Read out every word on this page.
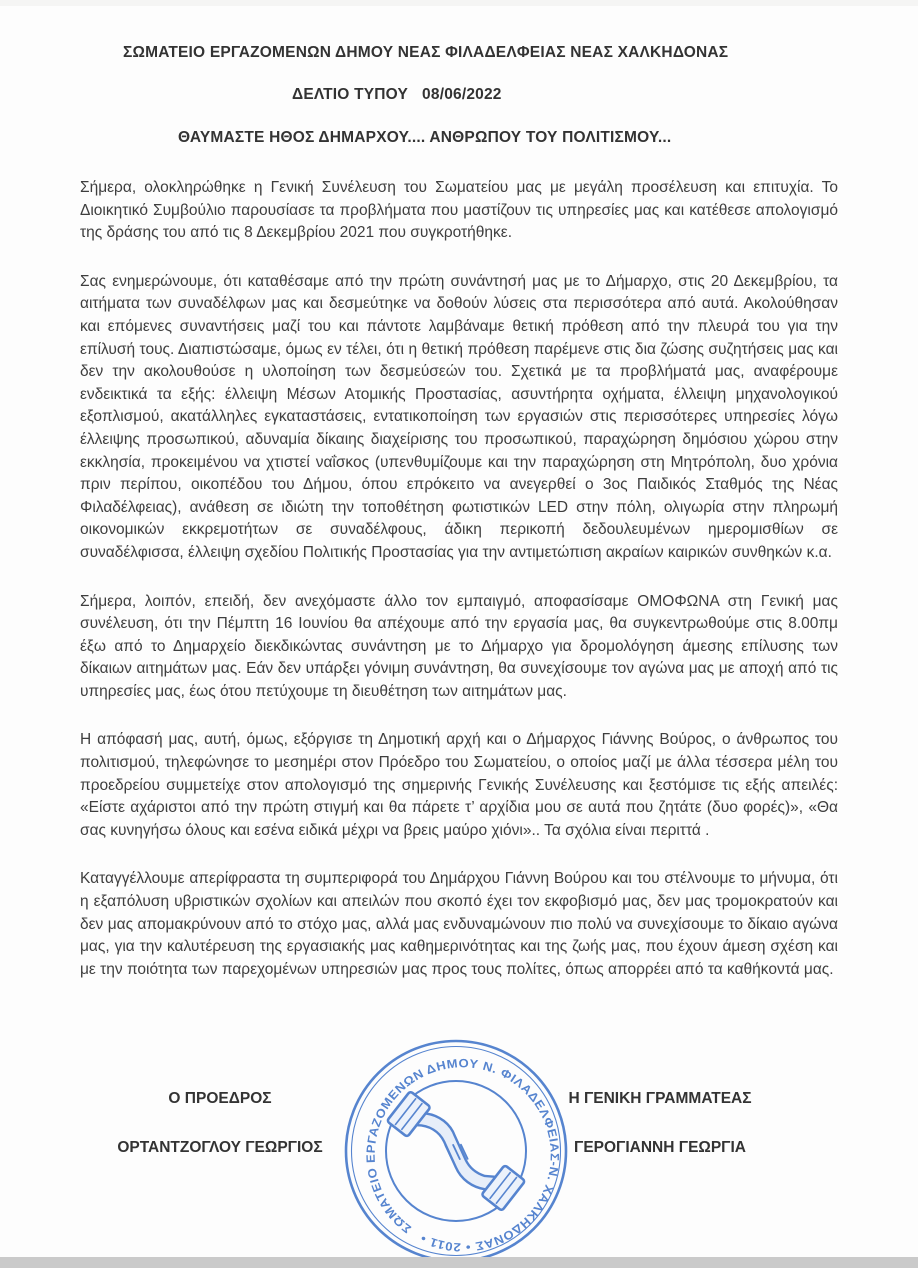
ΣΩΜΑΤΕΙΟ ΕΡΓΑΖΟΜΕΝΩΝ ΔΗΜΟΥ ΝΕΑΣ ΦΙΛΑΔΕΛΦΕΙΑΣ ΝΕΑΣ ΧΑΛΚΗΔΟΝΑΣ
ΔΕΛΤΙΟ ΤΥΠΟΥ 08/06/2022
ΘΑΥΜΑΣΤΕ ΗΘΟΣ ΔΗΜΑΡΧΟΥ.... ΑΝΘΡΩΠΟΥ ΤΟΥ ΠΟΛΙΤΙΣΜΟΥ...

Σήμερα, ολοκληρώθηκε η Γενική Συνέλευση του Σωματείου μας με μεγάλη προσέλευση και επιτυχία. Το Διοικητικό Συμβούλιο παρουσίασε τα προβλήματα που μαστίζουν τις υπηρεσίες μας και κατέθεσε απολογισμό της δράσης του από τις 8 Δεκεμβρίου 2021 που συγκροτήθηκε.

Σας ενημερώνουμε, ότι καταθέσαμε από την πρώτη συνάντησή μας με το Δήμαρχο, στις 20 Δεκεμβρίου, τα αιτήματα των συναδέλφων μας και δεσμεύτηκε να δοθούν λύσεις στα περισσότερα από αυτά. Ακολούθησαν και επόμενες συναντήσεις μαζί του και πάντοτε λαμβάναμε θετική πρόθεση από την πλευρά του για την επίλυσή τους. Διαπιστώσαμε, όμως εν τέλει, ότι η θετική πρόθεση παρέμενε στις δια ζώσης συζητήσεις μας και δεν την ακολουθούσε η υλοποίηση των δεσμεύσεών του. Σχετικά με τα προβλήματά μας, αναφέρουμε ενδεικτικά τα εξής: έλλειψη Μέσων Ατομικής Προστασίας, ασυντήρητα οχήματα, έλλειψη μηχανολογικού εξοπλισμού, ακατάλληλες εγκαταστάσεις, εντατικοποίηση των εργασιών στις περισσότερες υπηρεσίες λόγω έλλειψης προσωπικού, αδυναμία δίκαιης διαχείρισης του προσωπικού, παραχώρηση δημόσιου χώρου στην εκκλησία, προκειμένου να χτιστεί ναΐσκος (υπενθυμίζουμε και την παραχώρηση στη Μητρόπολη, δυο χρόνια πριν περίπου, οικοπέδου του Δήμου, όπου επρόκειτο να ανεγερθεί ο 3ος Παιδικός Σταθμός της Νέας Φιλαδέλφειας), ανάθεση σε ιδιώτη την τοποθέτηση φωτιστικών LED στην πόλη, ολιγωρία στην πληρωμή οικονομικών εκκρεμοτήτων σε συναδέλφους, άδικη περικοπή δεδουλευμένων ημερομισθίων σε συναδέλφισσα, έλλειψη σχεδίου Πολιτικής Προστασίας για την αντιμετώπιση ακραίων καιρικών συνθηκών κ.α.

Σήμερα, λοιπόν, επειδή, δεν ανεχόμαστε άλλο τον εμπαιγμό, αποφασίσαμε ΟΜΟΦΩΝΑ στη Γενική μας συνέλευση, ότι την Πέμπτη 16 Ιουνίου θα απέχουμε από την εργασία μας, θα συγκεντρωθούμε στις 8.00πμ έξω από το Δημαρχείο διεκδικώντας συνάντηση με το Δήμαρχο για δρομολόγηση άμεσης επίλυσης των δίκαιων αιτημάτων μας. Εάν δεν υπάρξει γόνιμη συνάντηση, θα συνεχίσουμε τον αγώνα μας με αποχή από τις υπηρεσίες μας, έως ότου πετύχουμε τη διευθέτηση των αιτημάτων μας.

Η απόφασή μας, αυτή, όμως, εξόργισε τη Δημοτική αρχή και ο Δήμαρχος Γιάννης Βούρος, ο άνθρωπος του πολιτισμού, τηλεφώνησε το μεσημέρι στον Πρόεδρο του Σωματείου, ο οποίος μαζί με άλλα τέσσερα μέλη του προεδρείου συμμετείχε στον απολογισμό της σημερινής Γενικής Συνέλευσης και ξεστόμισε τις εξής απειλές: «Είστε αχάριστοι από την πρώτη στιγμή και θα πάρετε τ’ αρχίδια μου σε αυτά που ζητάτε (δυο φορές)», «Θα σας κυνηγήσω όλους και εσένα ειδικά μέχρι να βρεις μαύρο χιόνι».. Τα σχόλια είναι περιττά .

Καταγγέλλουμε απερίφραστα τη συμπεριφορά του Δημάρχου Γιάννη Βούρου και του στέλνουμε το μήνυμα, ότι η εξαπόλυση υβριστικών σχολίων και απειλών που σκοπό έχει τον εκφοβισμό μας, δεν μας τρομοκρατούν και δεν μας απομακρύνουν από το στόχο μας, αλλά μας ενδυναμώνουν πιο πολύ να συνεχίσουμε το δίκαιο αγώνα μας, για την καλυτέρευση της εργασιακής μας καθημερινότητας και της ζωής μας, που έχουν άμεση σχέση και με την ποιότητα των παρεχομένων υπηρεσιών μας προς τους πολίτες, όπως απορρέει από τα καθήκοντά μας.

Ο ΠΡΟΕΔΡΟΣ
ΟΡΤΑΝΤΖΟΓΛΟΥ ΓΕΩΡΓΙΟΣ
ΣΩΜΑΤΕΙΟ ΕΡΓΑΖΟΜΕΝΩΝ ΔΗΜΟΥ Ν. ΦΙΛΑΔΕΛΦΕΙΑΣ-Ν. ΧΑΛΚΗΔΟΝΑΣ • 2011 •
Η ΓΕΝΙΚΗ ΓΡΑΜΜΑΤΕΑΣ
ΓΕΡΟΓΙΑΝΝΗ ΓΕΩΡΓΙΑ
